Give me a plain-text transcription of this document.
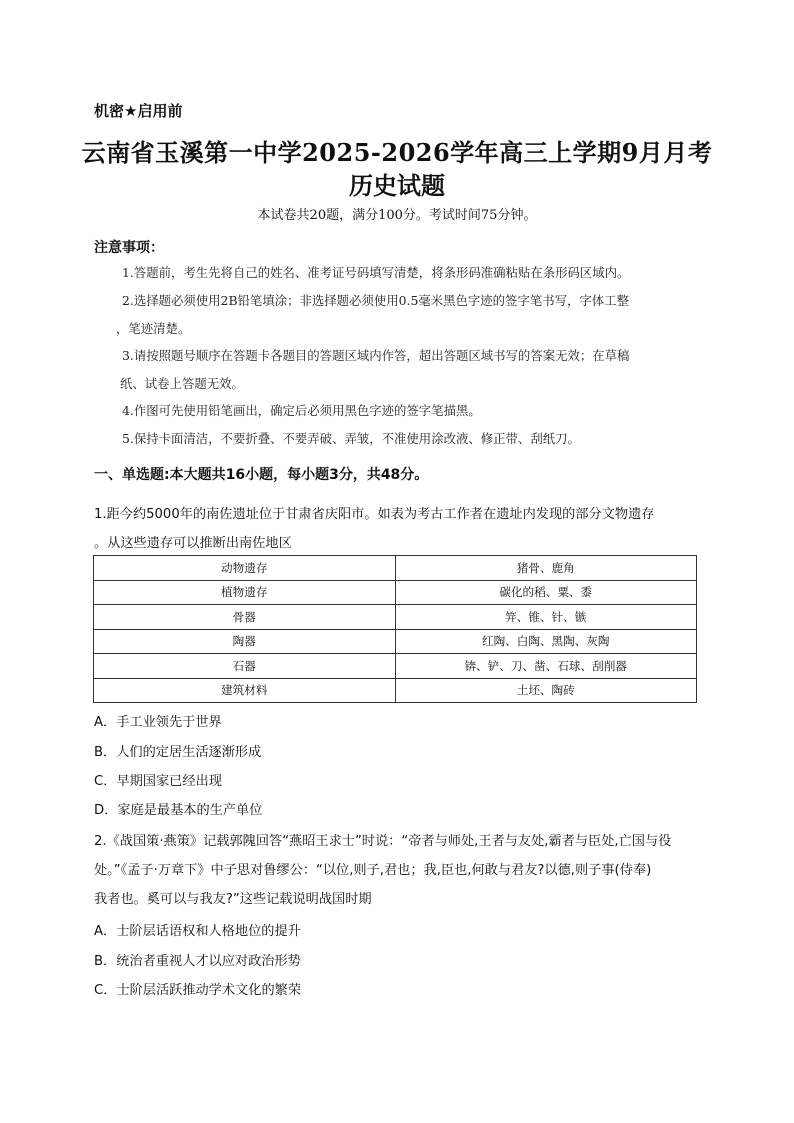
机密★启用前
云南省玉溪第一中学2025-2026学年高三上学期9月月考
历史试题
本试卷共20题，满分100分。考试时间75分钟。
注意事项：
1.答题前，考生先将自己的姓名、准考证号码填写清楚，将条形码准确粘贴在条形码区域内。
2.选择题必须使用2B铅笔填涂；非选择题必须使用0.5毫米黑色字迹的签字笔书写，字体工整
，笔迹清楚。
3.请按照题号顺序在答题卡各题目的答题区域内作答，超出答题区域书写的答案无效；在草稿
纸、试卷上答题无效。
4.作图可先使用铅笔画出，确定后必须用黑色字迹的签字笔描黑。
5.保持卡面清洁，不要折叠、不要弄破、弄皱，不准使用涂改液、修正带、刮纸刀。
一、单选题:本大题共16小题，每小题3分，共48分。
1.距今约5000年的南佐遗址位于甘肃省庆阳市。如表为考古工作者在遗址内发现的部分文物遗存
。从这些遗存可以推断出南佐地区
动物遗存	猪骨、鹿角
植物遗存	碳化的稻、粟、黍
骨器	笄、锥、针、镞
陶器	红陶、白陶、黑陶、灰陶
石器	锛、铲、刀、凿、石球、刮削器
建筑材料	土坯、陶砖
A．手工业领先于世界
B．人们的定居生活逐渐形成
C．早期国家已经出现
D．家庭是最基本的生产单位
2.《战国策·燕策》记载郭隗回答“燕昭王求士”时说：“帝者与师处,王者与友处,霸者与臣处,亡国与役
处。”《孟子·万章下》中子思对鲁缪公：“以位,则子,君也；我,臣也,何敢与君友?以德,则子事(侍奉)
我者也。奚可以与我友?”这些记载说明战国时期
A．士阶层话语权和人格地位的提升
B．统治者重视人才以应对政治形势
C．士阶层活跃推动学术文化的繁荣
